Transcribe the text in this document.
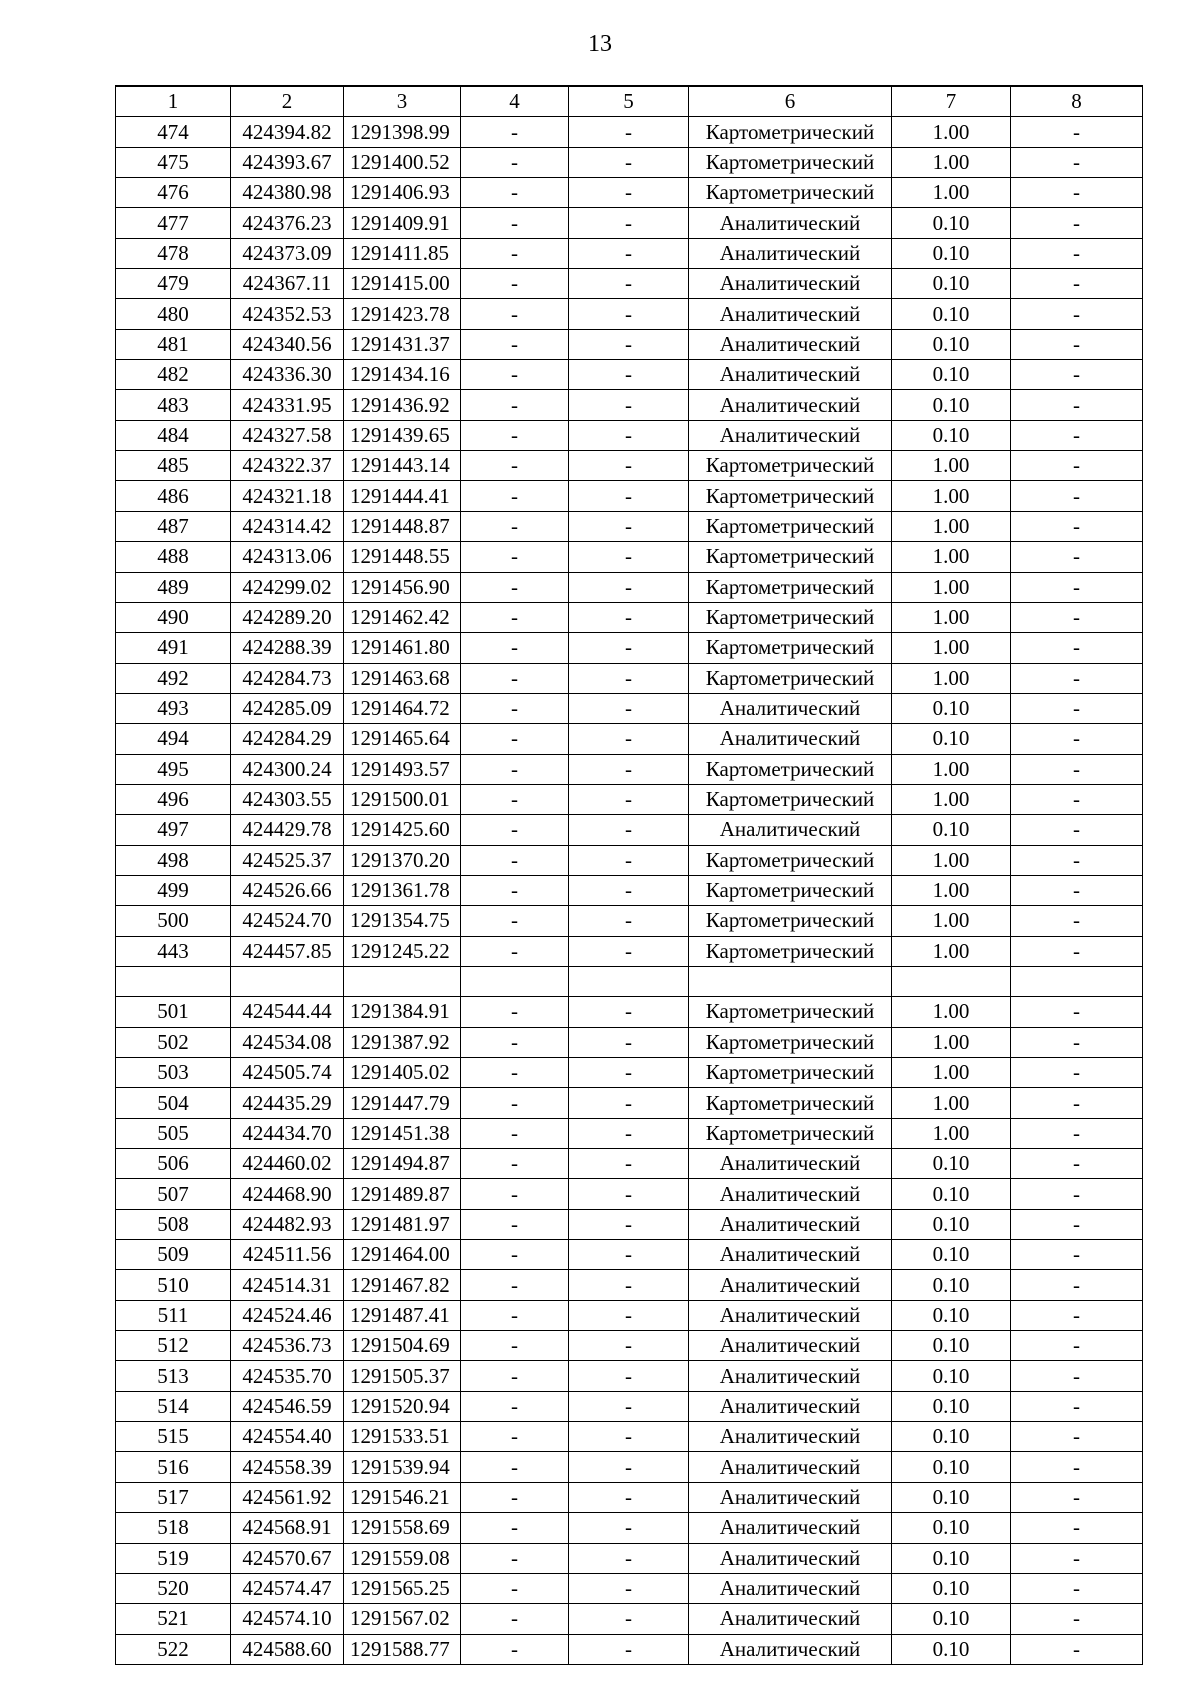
13
1	2	3	4	5	6	7	8
474	424394.82	1291398.99	-	-	Картометрический	1.00	-
475	424393.67	1291400.52	-	-	Картометрический	1.00	-
476	424380.98	1291406.93	-	-	Картометрический	1.00	-
477	424376.23	1291409.91	-	-	Аналитический	0.10	-
478	424373.09	1291411.85	-	-	Аналитический	0.10	-
479	424367.11	1291415.00	-	-	Аналитический	0.10	-
480	424352.53	1291423.78	-	-	Аналитический	0.10	-
481	424340.56	1291431.37	-	-	Аналитический	0.10	-
482	424336.30	1291434.16	-	-	Аналитический	0.10	-
483	424331.95	1291436.92	-	-	Аналитический	0.10	-
484	424327.58	1291439.65	-	-	Аналитический	0.10	-
485	424322.37	1291443.14	-	-	Картометрический	1.00	-
486	424321.18	1291444.41	-	-	Картометрический	1.00	-
487	424314.42	1291448.87	-	-	Картометрический	1.00	-
488	424313.06	1291448.55	-	-	Картометрический	1.00	-
489	424299.02	1291456.90	-	-	Картометрический	1.00	-
490	424289.20	1291462.42	-	-	Картометрический	1.00	-
491	424288.39	1291461.80	-	-	Картометрический	1.00	-
492	424284.73	1291463.68	-	-	Картометрический	1.00	-
493	424285.09	1291464.72	-	-	Аналитический	0.10	-
494	424284.29	1291465.64	-	-	Аналитический	0.10	-
495	424300.24	1291493.57	-	-	Картометрический	1.00	-
496	424303.55	1291500.01	-	-	Картометрический	1.00	-
497	424429.78	1291425.60	-	-	Аналитический	0.10	-
498	424525.37	1291370.20	-	-	Картометрический	1.00	-
499	424526.66	1291361.78	-	-	Картометрический	1.00	-
500	424524.70	1291354.75	-	-	Картометрический	1.00	-
443	424457.85	1291245.22	-	-	Картометрический	1.00	-

501	424544.44	1291384.91	-	-	Картометрический	1.00	-
502	424534.08	1291387.92	-	-	Картометрический	1.00	-
503	424505.74	1291405.02	-	-	Картометрический	1.00	-
504	424435.29	1291447.79	-	-	Картометрический	1.00	-
505	424434.70	1291451.38	-	-	Картометрический	1.00	-
506	424460.02	1291494.87	-	-	Аналитический	0.10	-
507	424468.90	1291489.87	-	-	Аналитический	0.10	-
508	424482.93	1291481.97	-	-	Аналитический	0.10	-
509	424511.56	1291464.00	-	-	Аналитический	0.10	-
510	424514.31	1291467.82	-	-	Аналитический	0.10	-
511	424524.46	1291487.41	-	-	Аналитический	0.10	-
512	424536.73	1291504.69	-	-	Аналитический	0.10	-
513	424535.70	1291505.37	-	-	Аналитический	0.10	-
514	424546.59	1291520.94	-	-	Аналитический	0.10	-
515	424554.40	1291533.51	-	-	Аналитический	0.10	-
516	424558.39	1291539.94	-	-	Аналитический	0.10	-
517	424561.92	1291546.21	-	-	Аналитический	0.10	-
518	424568.91	1291558.69	-	-	Аналитический	0.10	-
519	424570.67	1291559.08	-	-	Аналитический	0.10	-
520	424574.47	1291565.25	-	-	Аналитический	0.10	-
521	424574.10	1291567.02	-	-	Аналитический	0.10	-
522	424588.60	1291588.77	-	-	Аналитический	0.10	-
